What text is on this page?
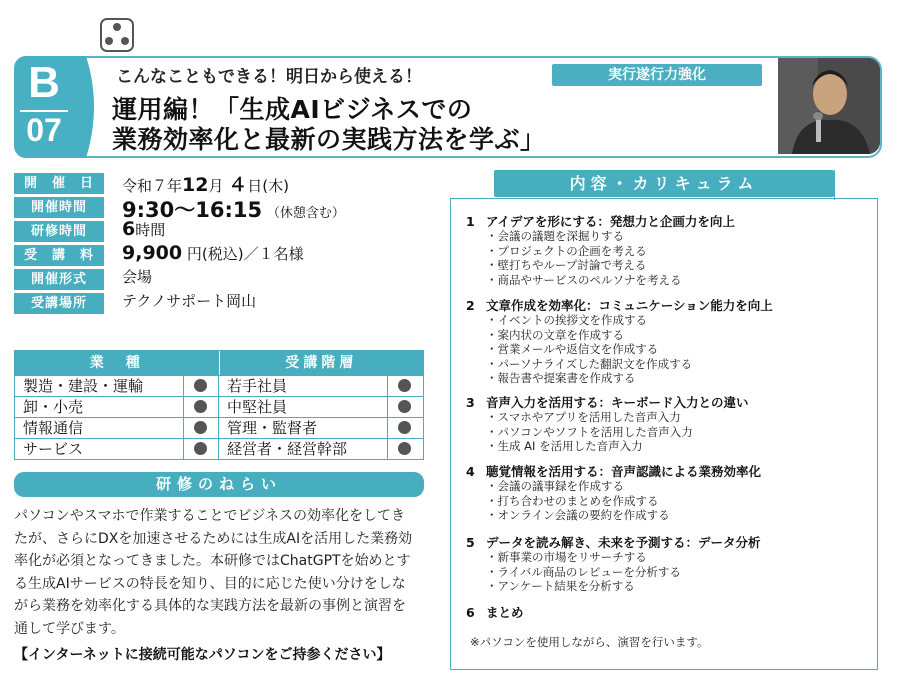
B
07
こんなこともできる！明日から使える！
運用編！「生成AIビジネスでの
業務効率化と最新の実践方法を学ぶ」
実行遂行力強化
開　催　日	令和７年12月 ４日(木)
開催時間	9:30～16:15 （休憩含む）
研修時間	6時間
受　講　料	9,900 円(税込)／１名様
開催形式	会場
受講場所	テクノサポート岡山
業　種	受講階層
製造・建設・運輸	若手社員
卸・小売	中堅社員
情報通信	管理・監督者
サービス	経営者・経営幹部
研修のねらい
パソコンやスマホで作業することでビジネスの効率化をしてき
たが、さらにDXを加速させるためには生成AIを活用した業務効
率化が必須となってきました。本研修ではChatGPTを始めとす
る生成AIサービスの特長を知り、目的に応じた使い分けをしな
がら業務を効率化する具体的な実践方法を最新の事例と演習を
通して学びます。
【インターネットに接続可能なパソコンをご持参ください】
内容・カリキュラム
1 アイデアを形にする：発想力と企画力を向上
・会議の議題を深掘りする
・プロジェクトの企画を考える
・壁打ちやループ討論で考える
・商品やサービスのペルソナを考える
2 文章作成を効率化：コミュニケーション能力を向上
・イベントの挨拶文を作成する
・案内状の文章を作成する
・営業メールや返信文を作成する
・パーソナライズした翻訳文を作成する
・報告書や提案書を作成する
3 音声入力を活用する：キーボード入力との違い
・スマホやアプリを活用した音声入力
・パソコンやソフトを活用した音声入力
・生成 AI を活用した音声入力
4 聴覚情報を活用する：音声認識による業務効率化
・会議の議事録を作成する
・打ち合わせのまとめを作成する
・オンライン会議の要約を作成する
5 データを読み解き、未来を予測する：データ分析
・新事業の市場をリサーチする
・ライバル商品のレビューを分析する
・アンケート結果を分析する
6 まとめ
※パソコンを使用しながら、演習を行います。
